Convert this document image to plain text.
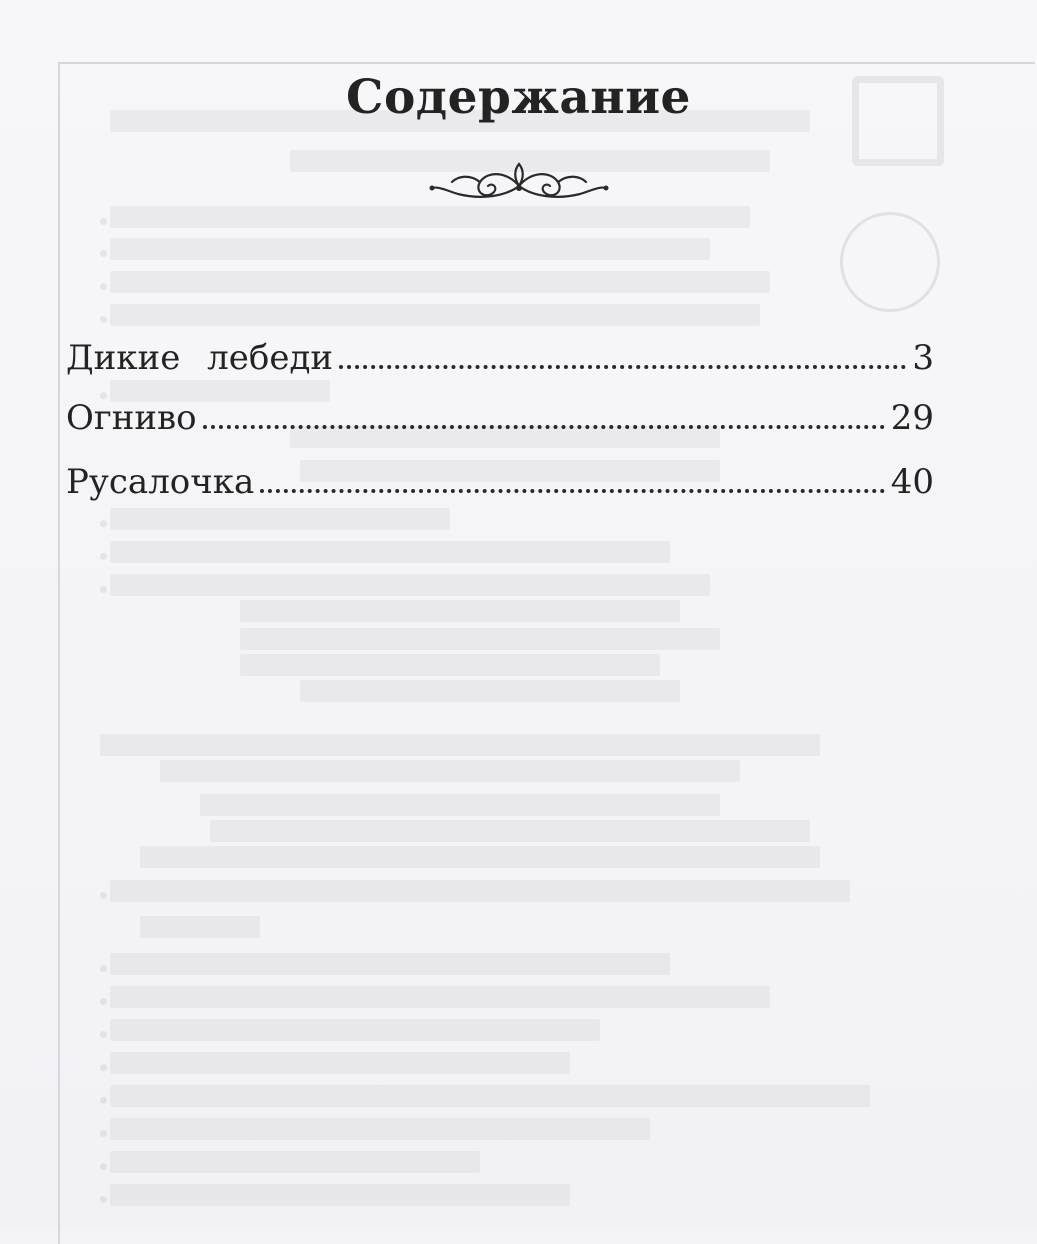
Содержание
Дикие лебеди	3
Огниво	29
Русалочка	40
